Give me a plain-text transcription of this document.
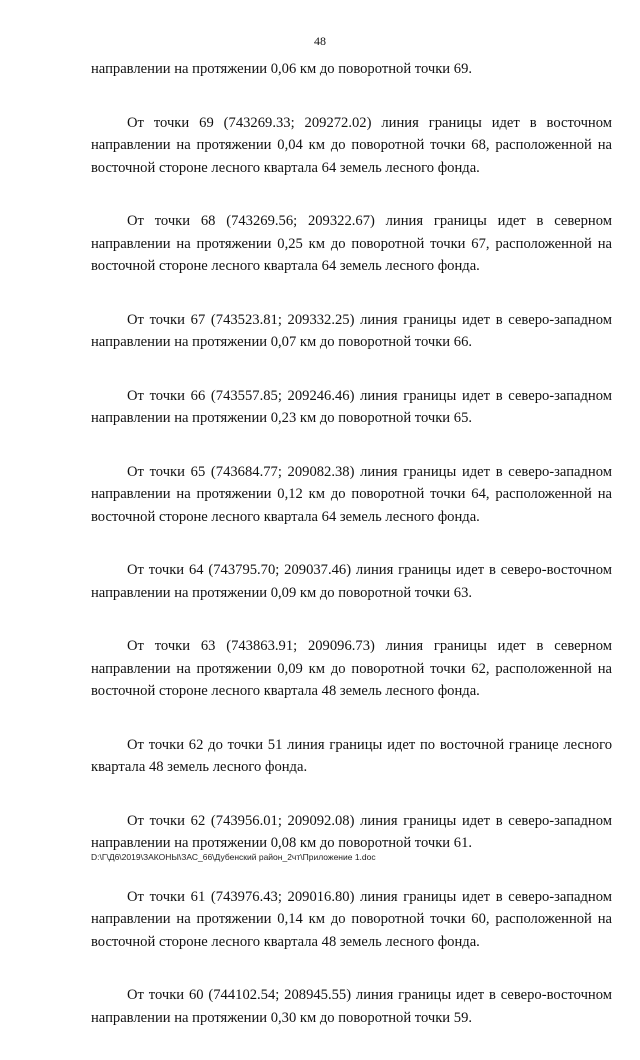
48

направлении на протяжении 0,06 км до поворотной точки 69.

От точки 69 (743269.33; 209272.02) линия границы идет в восточном направлении на протяжении 0,04 км до поворотной точки 68, расположенной на восточной стороне лесного квартала 64 земель лесного фонда.

От точки 68 (743269.56; 209322.67) линия границы идет в северном направлении на протяжении 0,25 км до поворотной точки 67, расположенной на восточной стороне лесного квартала 64 земель лесного фонда.

От точки 67 (743523.81; 209332.25) линия границы идет в северо-западном направлении на протяжении 0,07 км до поворотной точки 66.

От точки 66 (743557.85; 209246.46) линия границы идет в северо-западном направлении на протяжении 0,23 км до поворотной точки 65.

От точки 65 (743684.77; 209082.38) линия границы идет в северо-западном направлении на протяжении 0,12 км до поворотной точки 64, расположенной на восточной стороне лесного квартала 64 земель лесного фонда.

От точки 64 (743795.70; 209037.46) линия границы идет в северо-восточном направлении на протяжении 0,09 км до поворотной точки 63.

От точки 63 (743863.91; 209096.73) линия границы идет в северном направлении на протяжении 0,09 км до поворотной точки 62, расположенной на восточной стороне лесного квартала 48 земель лесного фонда.

От точки 62 до точки 51 линия границы идет по восточной границе лесного квартала 48 земель лесного фонда.

От точки 62 (743956.01; 209092.08) линия границы идет в северо-западном направлении на протяжении 0,08 км до поворотной точки 61.

От точки 61 (743976.43; 209016.80) линия границы идет в северо-западном направлении на протяжении 0,14 км до поворотной точки 60, расположенной на восточной стороне лесного квартала 48 земель лесного фонда.

От точки 60 (744102.54; 208945.55) линия границы идет в северо-восточном направлении на протяжении 0,30 км до поворотной точки 59.

D:\Г\Д6\2019\ЗАКОНЫ\ЗАС_66\Дубенский район_2чт\Приложение 1.doc
